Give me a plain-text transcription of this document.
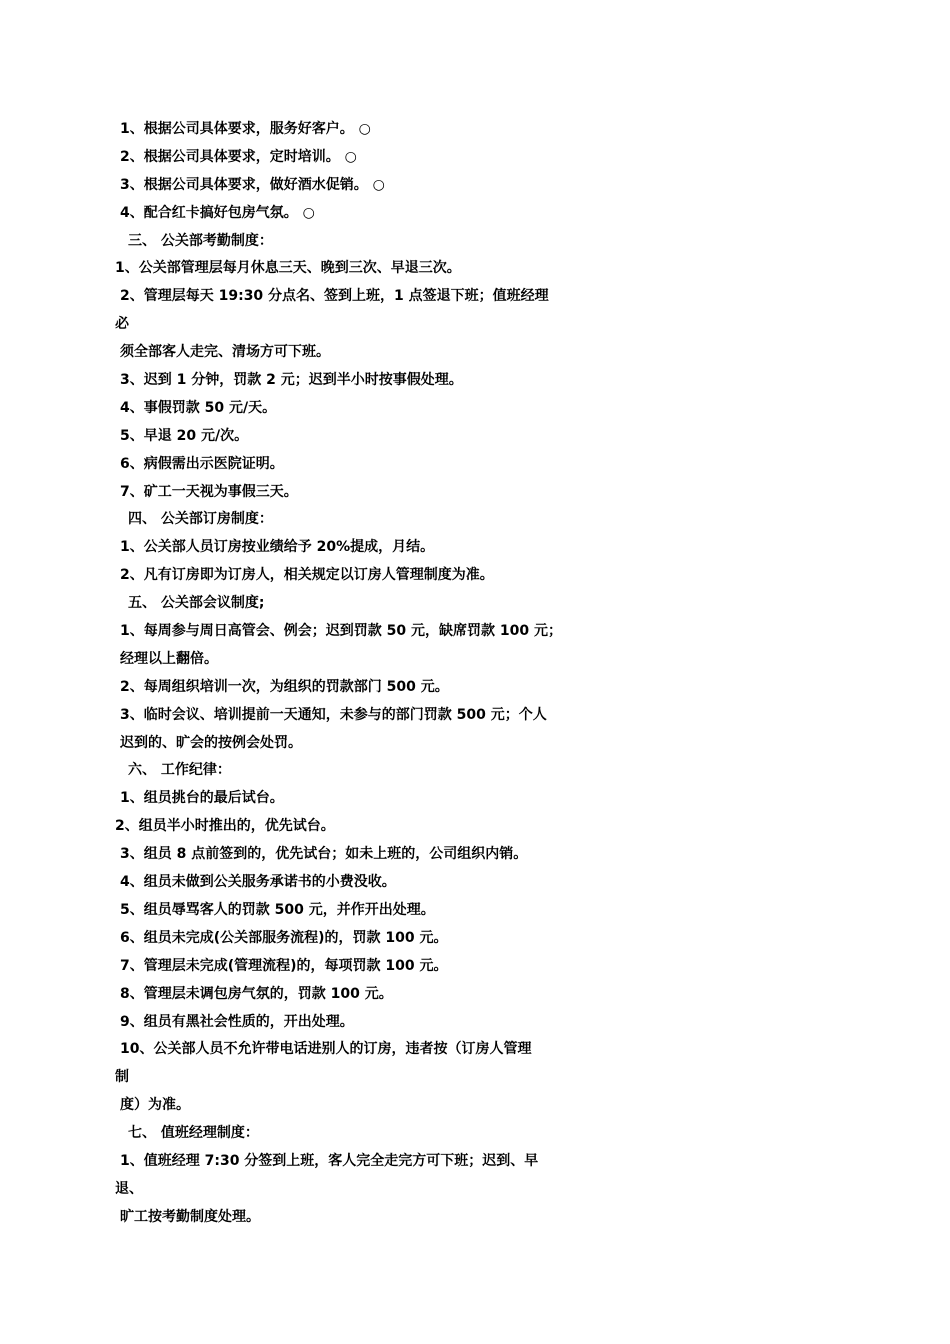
1、根据公司具体要求，服务好客户。 ○
2、根据公司具体要求，定时培训。 ○
3、根据公司具体要求，做好酒水促销。 ○
4、配合红卡搞好包房气氛。 ○
三、 公关部考勤制度：
1、公关部管理层每月休息三天、晚到三次、早退三次。
2、管理层每天 19:30 分点名、签到上班，1 点签退下班；值班经理
必
须全部客人走完、清场方可下班。
3、迟到 1 分钟，罚款 2 元；迟到半小时按事假处理。
4、事假罚款 50 元/天。
5、早退 20 元/次。
6、病假需出示医院证明。
7、矿工一天视为事假三天。
四、 公关部订房制度：
1、公关部人员订房按业绩给予 20%提成，月结。
2、凡有订房即为订房人，相关规定以订房人管理制度为准。
五、 公关部会议制度;
1、每周参与周日高管会、例会；迟到罚款 50 元，缺席罚款 100 元；
经理以上翻倍。
2、每周组织培训一次，为组织的罚款部门 500 元。
3、临时会议、培训提前一天通知，未参与的部门罚款 500 元；个人
迟到的、旷会的按例会处罚。
六、 工作纪律：
1、组员挑台的最后试台。
2、组员半小时推出的，优先试台。
3、组员 8 点前签到的，优先试台；如未上班的，公司组织内销。
4、组员未做到公关服务承诺书的小费没收。
5、组员辱骂客人的罚款 500 元，并作开出处理。
6、组员未完成(公关部服务流程)的，罚款 100 元。
7、管理层未完成(管理流程)的，每项罚款 100 元。
8、管理层未调包房气氛的，罚款 100 元。
9、组员有黑社会性质的，开出处理。
10、公关部人员不允许带电话进别人的订房，违者按（订房人管理
制
度）为准。
七、 值班经理制度：
1、值班经理 7:30 分签到上班，客人完全走完方可下班；迟到、早
退、
旷工按考勤制度处理。
